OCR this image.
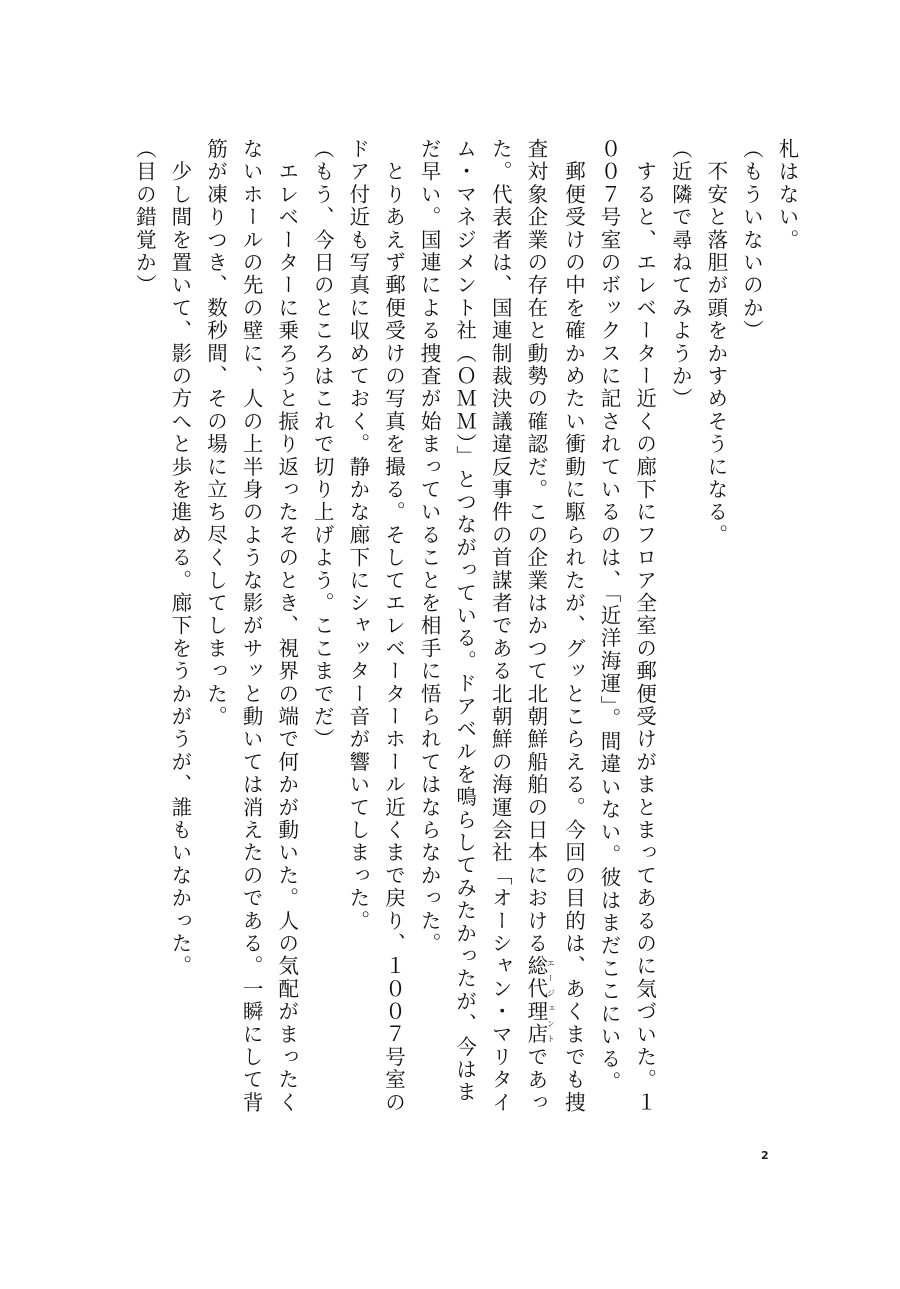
札はない。
（もういないのか）
　不安と落胆が頭をかすめそうになる。
（近隣で尋ねてみようか）
　すると、エレベーター近くの廊下にフロア全室の郵便受けがまとまってあるのに気づいた。１
００７号室のボックスに記されているのは、「近洋海運」。間違いない。彼はまだここにいる。
　郵便受けの中を確かめたい衝動に駆られたが、グッとこらえる。今回の目的は、あくまでも捜
査対象企業の存在と動勢の確認だ。この企業はかつて北朝鮮船舶の日本における総代理店エージェントであっ
た。代表者は、国連制裁決議違反事件の首謀者である北朝鮮の海運会社「オーシャン・マリタイ
ム・マネジメント社（ＯＭＭ）」とつながっている。ドアベルを鳴らしてみたかったが、今はま
だ早い。国連による捜査が始まっていることを相手に悟られてはならなかった。
　とりあえず郵便受けの写真を撮る。そしてエレベーターホール近くまで戻り、１００７号室の
ドア付近も写真に収めておく。静かな廊下にシャッター音が響いてしまった。
（もう、今日のところはこれで切り上げよう。ここまでだ）
　エレベーターに乗ろうと振り返ったそのとき、視界の端で何かが動いた。人の気配がまったく
ないホールの先の壁に、人の上半身のような影がサッと動いては消えたのである。一瞬にして背
筋が凍りつき、数秒間、その場に立ち尽くしてしまった。
　少し間を置いて、影の方へと歩を進める。廊下をうかがうが、誰もいなかった。
（目の錯覚か）
2
